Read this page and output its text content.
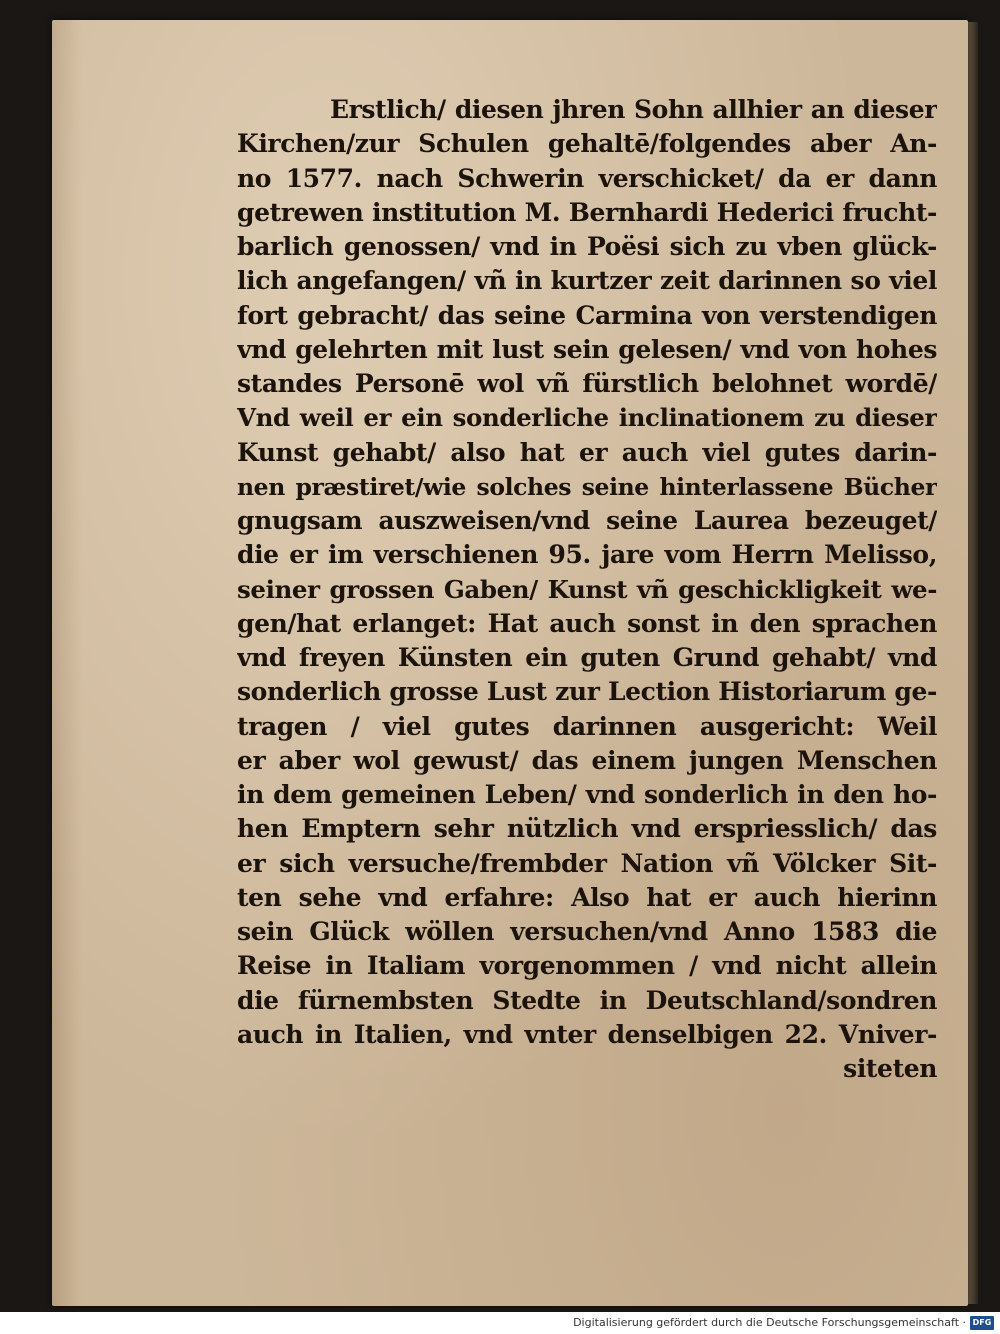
Erstlich/ diesen jhren Sohn allhier an dieser
Kirchen/zur Schulen gehaltē/folgendes aber An-
no 1577. nach Schwerin verschicket/ da er dann
getrewen institution M. Bernhardi Hederici frucht-
barlich genossen/ vnd in Poësi sich zu vben glück-
lich angefangen/ vñ in kurtzer zeit darinnen so viel
fort gebracht/ das seine Carmina von verstendigen
vnd gelehrten mit lust sein gelesen/ vnd von hohes
standes Personē wol vñ fürstlich belohnet wordē/
Vnd weil er ein sonderliche inclinationem zu dieser
Kunst gehabt/ also hat er auch viel gutes darin-
nen præstiret/wie solches seine hinterlassene Bücher
gnugsam auszweisen/vnd seine Laurea bezeuget/
die er im verschienen 95. jare vom Herrn Melisso,
seiner grossen Gaben/ Kunst vñ geschickligkeit we-
gen/hat erlanget: Hat auch sonst in den sprachen
vnd freyen Künsten ein guten Grund gehabt/ vnd
sonderlich grosse Lust zur Lection Historiarum ge-
tragen / viel gutes darinnen ausgericht: Weil
er aber wol gewust/ das einem jungen Menschen
in dem gemeinen Leben/ vnd sonderlich in den ho-
hen Emptern sehr nützlich vnd erspriesslich/ das
er sich versuche/frembder Nation vñ Völcker Sit-
ten sehe vnd erfahre: Also hat er auch hierinn
sein Glück wöllen versuchen/vnd Anno 1583 die
Reise in Italiam vorgenommen / vnd nicht allein
die fürnembsten Stedte in Deutschland/sondren
auch in Italien, vnd vnter denselbigen 22. Vniver-
siteten
Digitalisierung gefördert durch die Deutsche Forschungsgemeinschaft · DFG
